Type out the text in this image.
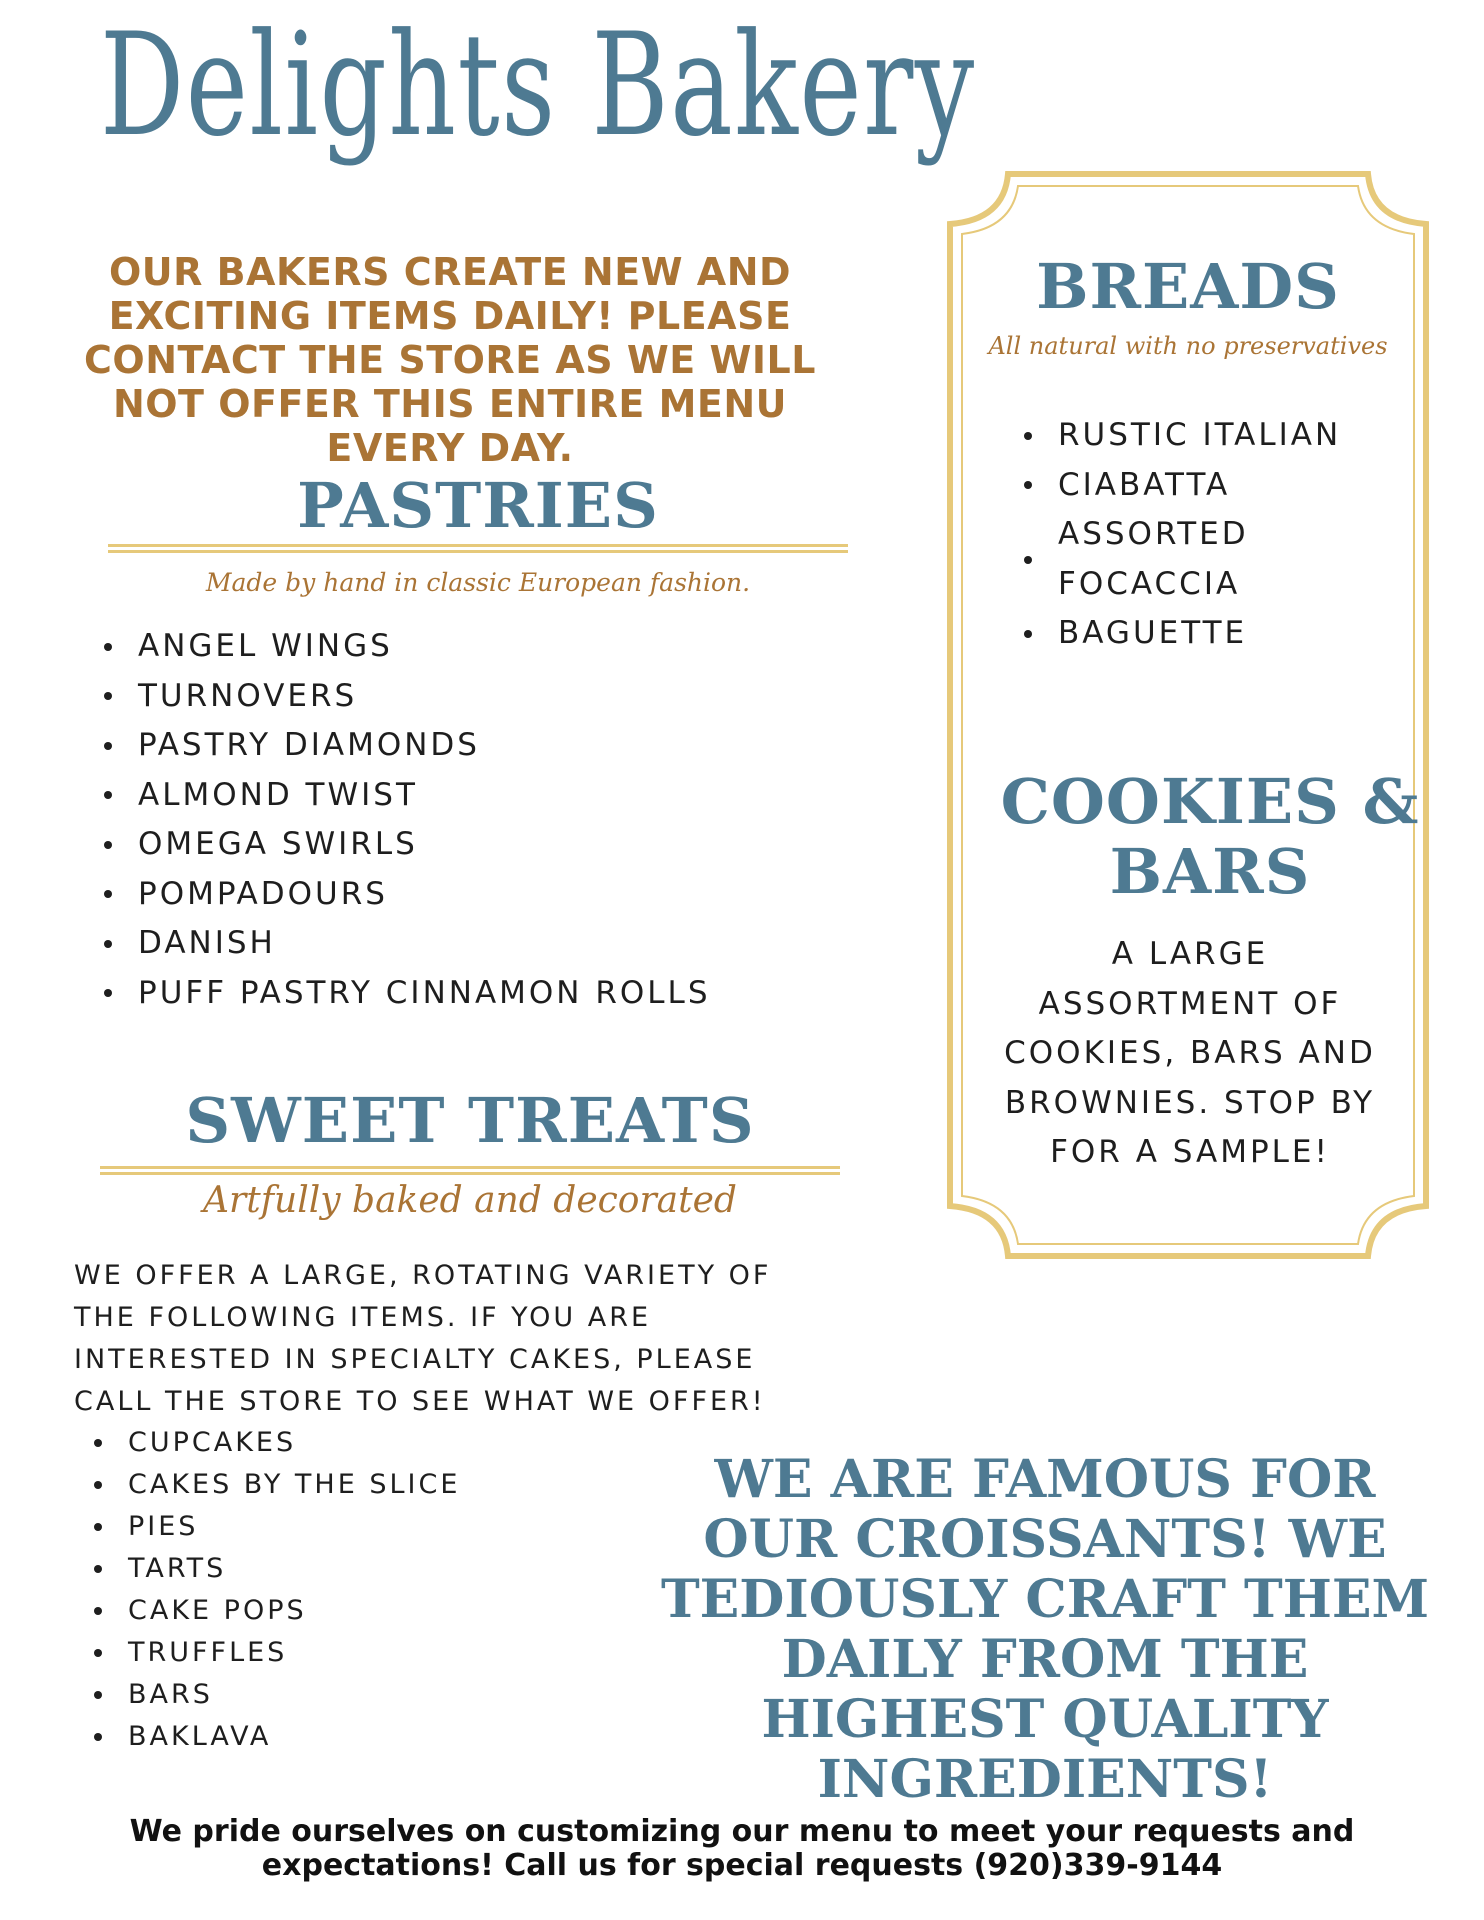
Delights Bakery
OUR BAKERS CREATE NEW AND EXCITING ITEMS DAILY! PLEASE CONTACT THE STORE AS WE WILL NOT OFFER THIS ENTIRE MENU EVERY DAY.
PASTRIES
Made by hand in classic European fashion.
ANGEL WINGS
TURNOVERS
PASTRY DIAMONDS
ALMOND TWIST
OMEGA SWIRLS
POMPADOURS
DANISH
PUFF PASTRY CINNAMON ROLLS
SWEET TREATS
Artfully baked and decorated
WE OFFER A LARGE, ROTATING VARIETY OF THE FOLLOWING ITEMS. IF YOU ARE INTERESTED IN SPECIALTY CAKES, PLEASE CALL THE STORE TO SEE WHAT WE OFFER!
CUPCAKES
CAKES BY THE SLICE
PIES
TARTS
CAKE POPS
TRUFFLES
BARS
BAKLAVA
BREADS
All natural with no preservatives
RUSTIC ITALIAN
CIABATTA
ASSORTED FOCACCIA
BAGUETTE
COOKIES & BARS
A LARGE ASSORTMENT OF COOKIES, BARS AND BROWNIES. STOP BY FOR A SAMPLE!
WE ARE FAMOUS FOR OUR CROISSANTS! WE TEDIOUSLY CRAFT THEM DAILY FROM THE HIGHEST QUALITY INGREDIENTS!
We pride ourselves on customizing our menu to meet your requests and expectations! Call us for special requests (920)339-9144
